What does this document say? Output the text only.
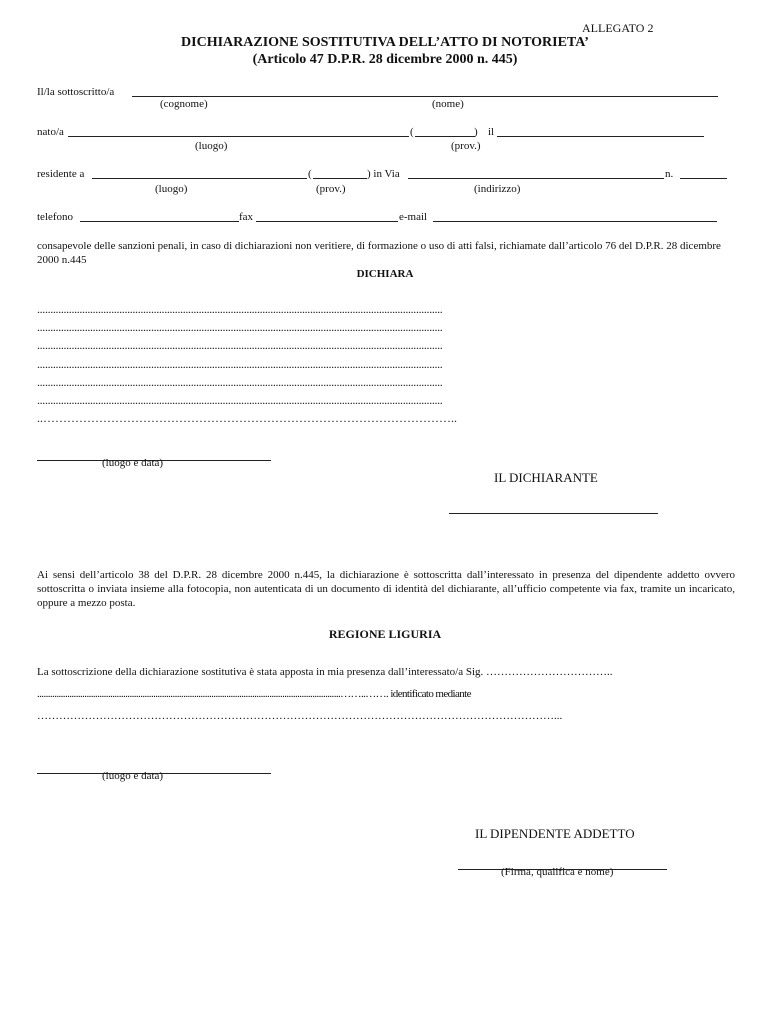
ALLEGATO 2
DICHIARAZIONE SOSTITUTIVA DELL’ATTO DI NOTORIETA’
(Articolo 47 D.P.R. 28 dicembre 2000 n. 445)
Il/la sottoscritto/a
(cognome)	(nome)
nato/a	(	) il
(luogo)	(prov.)
residente a	(	) in Via	n.
(luogo)	(prov.)	(indirizzo)
telefono	fax	e-mail
consapevole delle sanzioni penali, in caso di dichiarazioni non veritiere, di formazione o uso di atti falsi, richiamate dall’articolo 76 del D.P.R. 28 dicembre 2000 n.445
DICHIARA
.........................................................................................................................................................
.........................................................................................................................................................
.........................................................................................................................................................
.........................................................................................................................................................
.........................................................................................................................................................
.........................................................................................................................................................
..…………………………………………………………………………………………..
(luogo e data)
IL DICHIARANTE
Ai sensi dell’articolo 38 del D.P.R. 28 dicembre 2000 n.445, la dichiarazione è sottoscritta dall’interessato in presenza del dipendente addetto ovvero sottoscritta o inviata insieme alla fotocopia, non autenticata di un documento di identità del dichiarante, all’ufficio competente via fax, tramite un incaricato, oppure a mezzo posta.
REGIONE LIGURIA
La sottoscrizione della dichiarazione sostitutiva è stata apposta in mia presenza dall’interessato/a Sig. ……………………………..
.............................................................................................................................................……..……. identificato mediante
……………………………………………………………………………………………………………………………...
(luogo e data)
IL DIPENDENTE ADDETTO
(Firma, qualifica e nome)
